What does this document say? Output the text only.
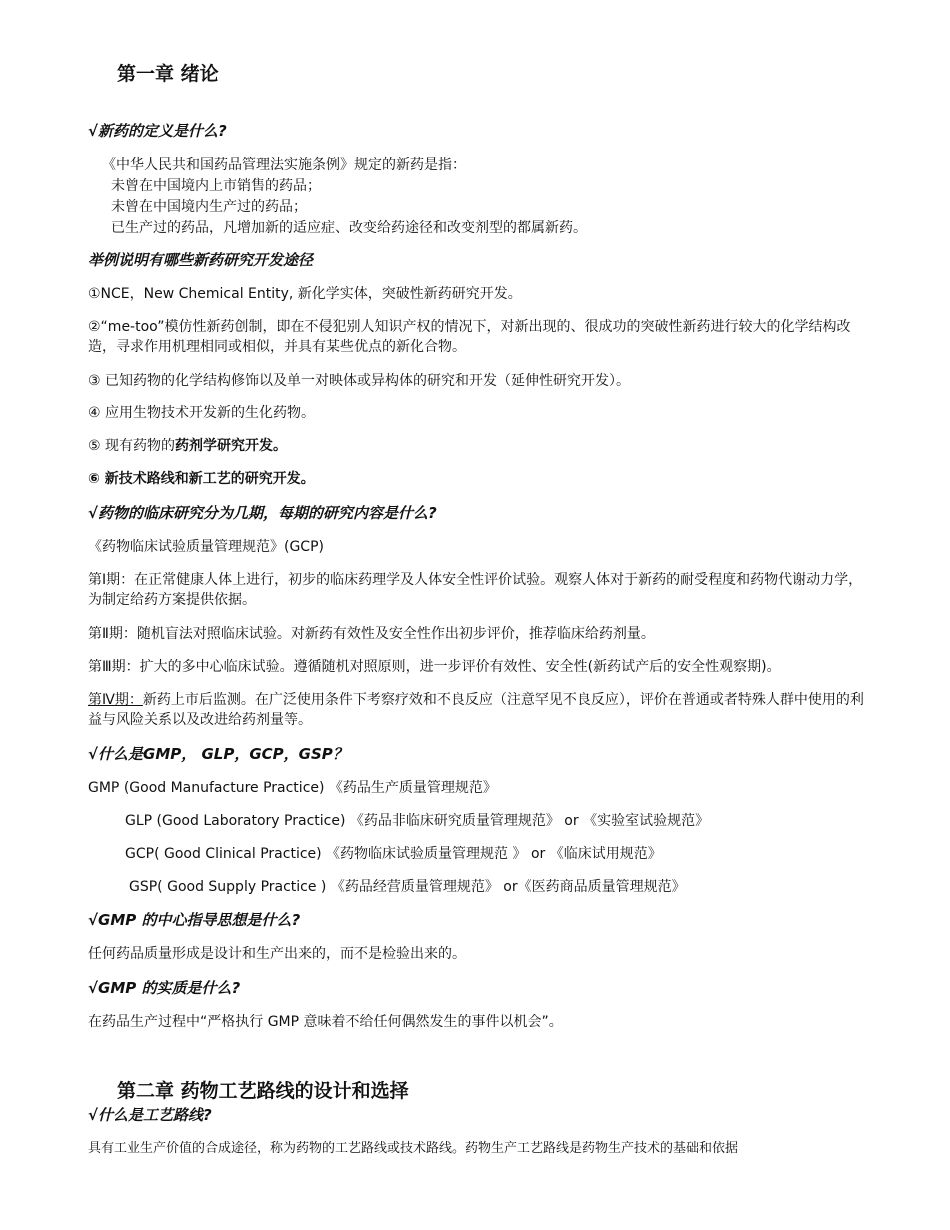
第一章 绪论
√新药的定义是什么?
《中华人民共和国药品管理法实施条例》规定的新药是指：
未曾在中国境内上市销售的药品；
未曾在中国境内生产过的药品；
已生产过的药品，凡增加新的适应症、改变给药途径和改变剂型的都属新药。
举例说明有哪些新药研究开发途径
①NCE，New Chemical Entity, 新化学实体，突破性新药研究开发。
②“me-too”模仿性新药创制，即在不侵犯别人知识产权的情况下，对新出现的、很成功的突破性新药进行较大的化学结构改造，寻求作用机理相同或相似，并具有某些优点的新化合物。
③ 已知药物的化学结构修饰以及单一对映体或异构体的研究和开发（延伸性研究开发）。
④ 应用生物技术开发新的生化药物。
⑤ 现有药物的药剂学研究开发。
⑥ 新技术路线和新工艺的研究开发。
√药物的临床研究分为几期，每期的研究内容是什么?
《药物临床试验质量管理规范》(GCP)
第Ⅰ期：在正常健康人体上进行，初步的临床药理学及人体安全性评价试验。观察人体对于新药的耐受程度和药物代谢动力学，为制定给药方案提供依据。
第Ⅱ期：随机盲法对照临床试验。对新药有效性及安全性作出初步评价，推荐临床给药剂量。
第Ⅲ期：扩大的多中心临床试验。遵循随机对照原则，进一步评价有效性、安全性(新药试产后的安全性观察期)。
第Ⅳ期：新药上市后监测。在广泛使用条件下考察疗效和不良反应（注意罕见不良反应），评价在普通或者特殊人群中使用的利益与风险关系以及改进给药剂量等。
√什么是GMP， GLP，GCP，GSP？
GMP (Good Manufacture Practice) 《药品生产质量管理规范》
GLP (Good Laboratory Practice) 《药品非临床研究质量管理规范》 or 《实验室试验规范》
GCP( Good Clinical Practice) 《药物临床试验质量管理规范 》 or 《临床试用规范》
GSP( Good Supply Practice ) 《药品经营质量管理规范》 or《医药商品质量管理规范》
√GMP 的中心指导思想是什么?
任何药品质量形成是设计和生产出来的，而不是检验出来的。
√GMP 的实质是什么?
在药品生产过程中“严格执行 GMP 意味着不给任何偶然发生的事件以机会”。
第二章 药物工艺路线的设计和选择
√什么是工艺路线?
具有工业生产价值的合成途径，称为药物的工艺路线或技术路线。药物生产工艺路线是药物生产技术的基础和依据
